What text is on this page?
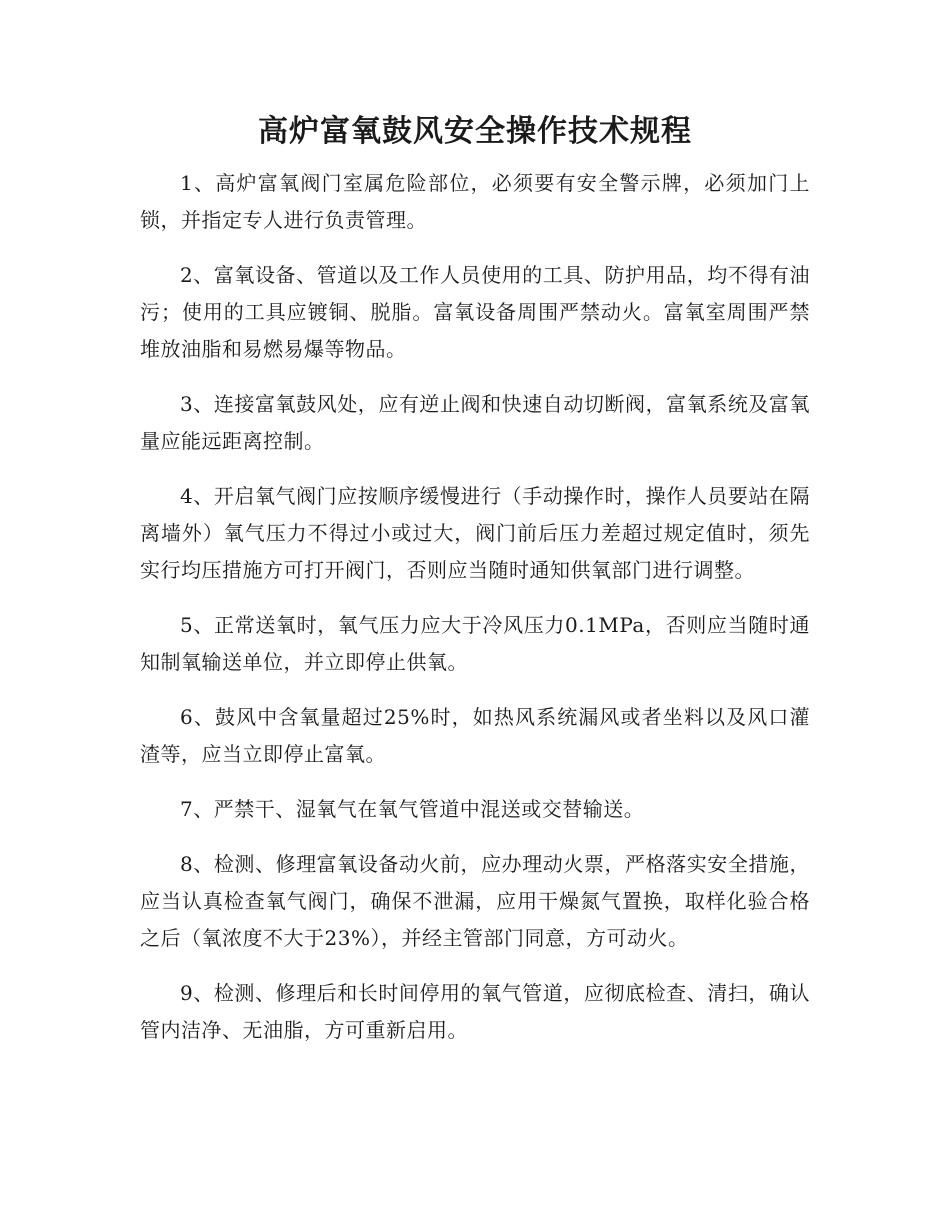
高炉富氧鼓风安全操作技术规程

1、高炉富氧阀门室属危险部位，必须要有安全警示牌，必须加门上锁，并指定专人进行负责管理。

2、富氧设备、管道以及工作人员使用的工具、防护用品，均不得有油污；使用的工具应镀铜、脱脂。富氧设备周围严禁动火。富氧室周围严禁堆放油脂和易燃易爆等物品。

3、连接富氧鼓风处，应有逆止阀和快速自动切断阀，富氧系统及富氧量应能远距离控制。

4、开启氧气阀门应按顺序缓慢进行（手动操作时，操作人员要站在隔离墙外）氧气压力不得过小或过大，阀门前后压力差超过规定值时，须先实行均压措施方可打开阀门，否则应当随时通知供氧部门进行调整。

5、正常送氧时，氧气压力应大于冷风压力0.1MPa，否则应当随时通知制氧输送单位，并立即停止供氧。

6、鼓风中含氧量超过25%时，如热风系统漏风或者坐料以及风口灌渣等，应当立即停止富氧。

7、严禁干、湿氧气在氧气管道中混送或交替输送。

8、检测、修理富氧设备动火前，应办理动火票，严格落实安全措施，应当认真检查氧气阀门，确保不泄漏，应用干燥氮气置换，取样化验合格之后（氧浓度不大于23%），并经主管部门同意，方可动火。

9、检测、修理后和长时间停用的氧气管道，应彻底检查、清扫，确认管内洁净、无油脂，方可重新启用。
